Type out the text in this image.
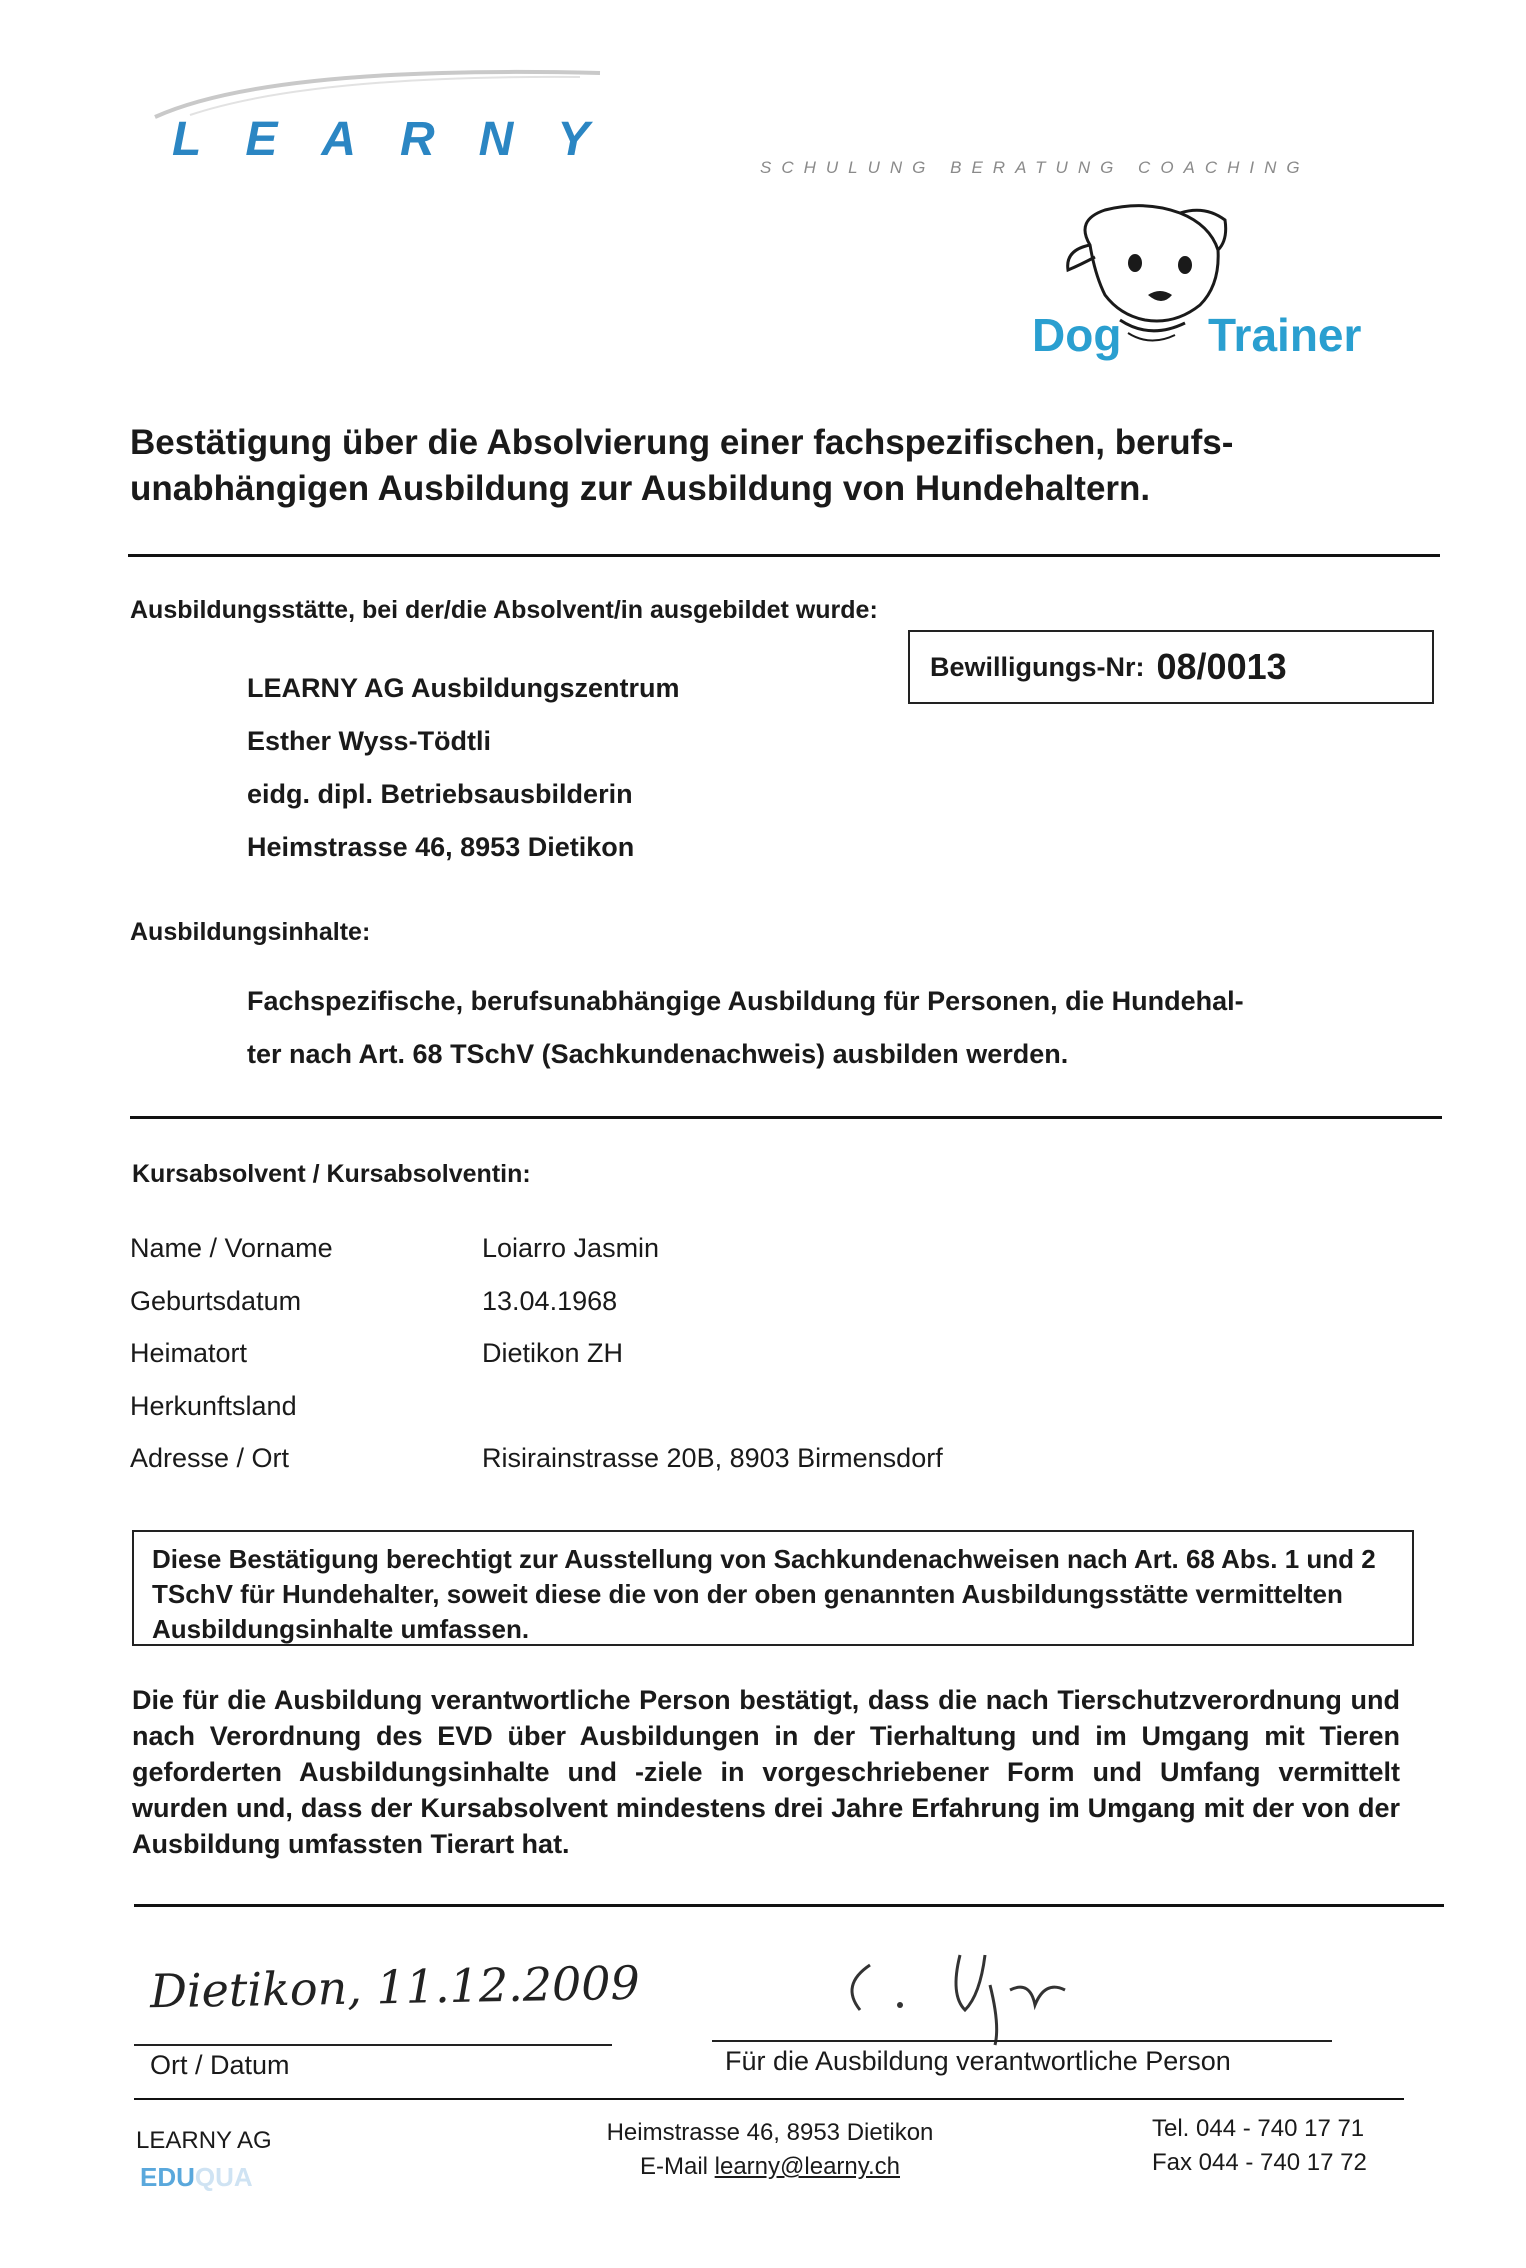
LEARNY
SCHULUNG BERATUNG COACHING
Dog Trainer
Bestätigung über die Absolvierung einer fachspezifischen, berufs-unabhängigen Ausbildung zur Ausbildung von Hundehaltern.
Ausbildungsstätte, bei der/die Absolvent/in ausgebildet wurde:
LEARNY AG Ausbildungszentrum
Esther Wyss-Tödtli
eidg. dipl. Betriebsausbilderin
Heimstrasse 46, 8953 Dietikon
Bewilligungs-Nr: 08/0013
Ausbildungsinhalte:
Fachspezifische, berufsunabhängige Ausbildung für Personen, die Hundehal-
ter nach Art. 68 TSchV (Sachkundenachweis) ausbilden werden.
Kursabsolvent / Kursabsolventin:
Name / Vorname	Loiarro Jasmin
Geburtsdatum	13.04.1968
Heimatort	Dietikon ZH
Herkunftsland
Adresse / Ort	Risirainstrasse 20B, 8903 Birmensdorf
Diese Bestätigung berechtigt zur Ausstellung von Sachkundenachweisen nach Art. 68 Abs. 1 und 2 TSchV für Hundehalter, soweit diese die von der oben genannten Ausbildungsstätte vermittelten Ausbildungsinhalte umfassen.
Die für die Ausbildung verantwortliche Person bestätigt, dass die nach Tierschutzverordnung und nach Verordnung des EVD über Ausbildungen in der Tierhaltung und im Umgang mit Tieren geforderten Ausbildungsinhalte und -ziele in vorgeschriebener Form und Umfang vermittelt wurden und, dass der Kursabsolvent mindestens drei Jahre Erfahrung im Umgang mit der von der Ausbildung umfassten Tierart hat.
Dietikon, 11.12.2009
Ort / Datum	Für die Ausbildung verantwortliche Person
LEARNY AG
EDUQUA
Heimstrasse 46, 8953 Dietikon
E-Mail learny@learny.ch
Tel. 044 - 740 17 71
Fax 044 - 740 17 72
